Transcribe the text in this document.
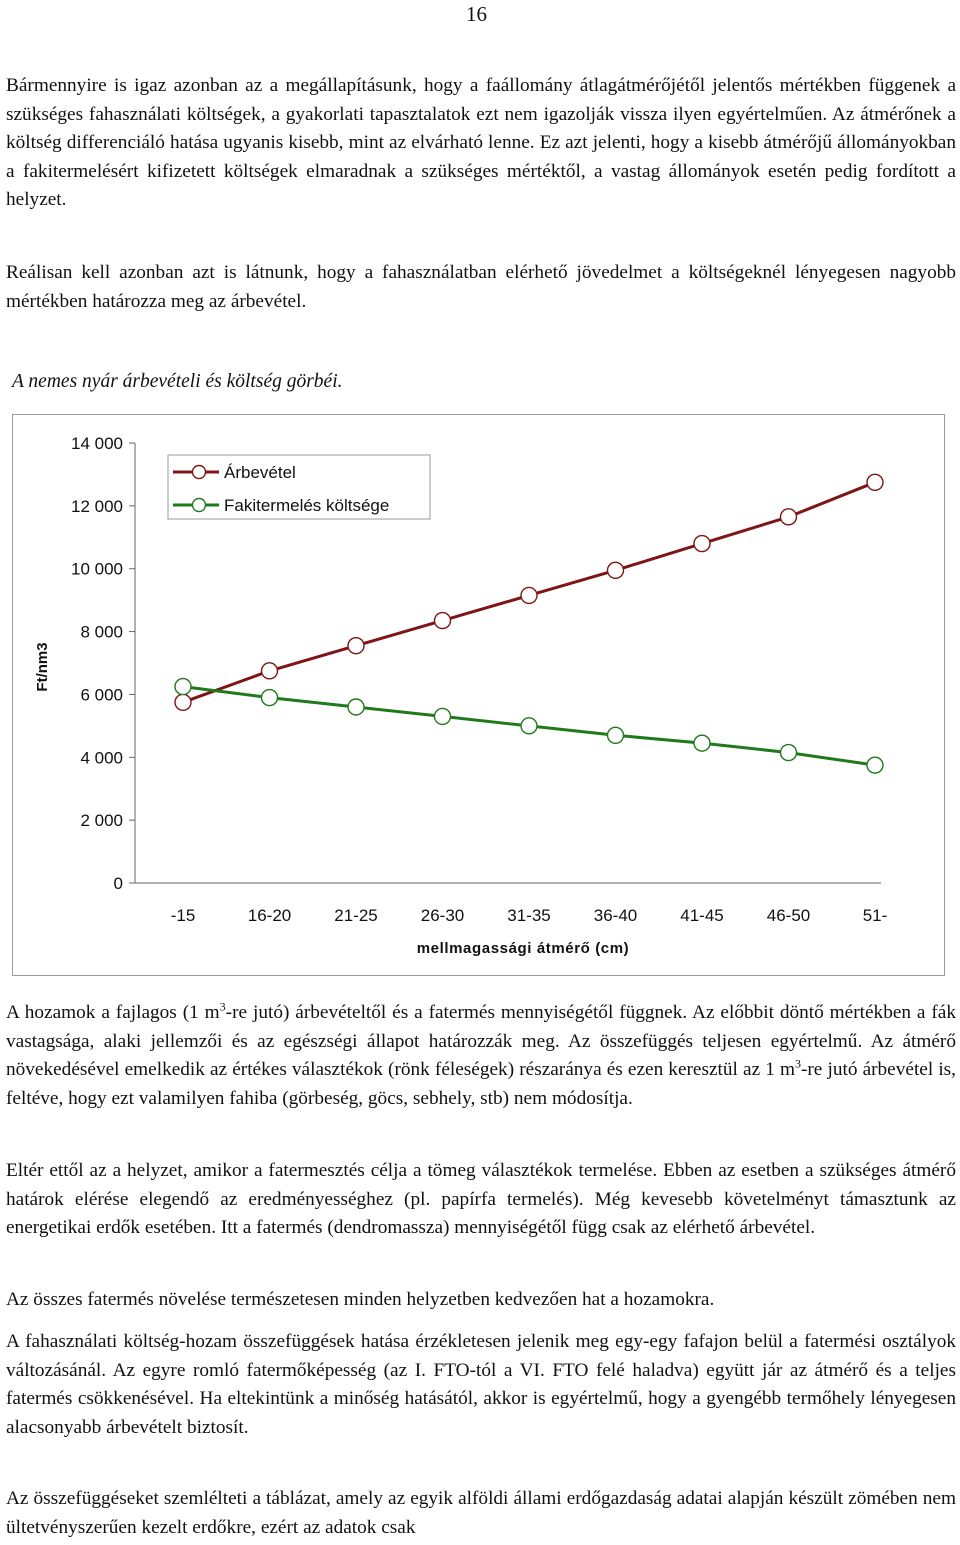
16

Bármennyire is igaz azonban az a megállapításunk, hogy a faállomány átlagátmérőjétől jelentős mértékben függenek a szükséges fahasználati költségek, a gyakorlati tapasztalatok ezt nem igazolják vissza ilyen egyértelműen. Az átmérőnek a költség differenciáló hatása ugyanis kisebb, mint az elvárható lenne. Ez azt jelenti, hogy a kisebb átmérőjű állományokban a fakitermelésért kifizetett költségek elmaradnak a szükséges mértéktől, a vastag állományok esetén pedig fordított a helyzet.

Reálisan kell azonban azt is látnunk, hogy a fahasználatban elérhető jövedelmet a költségeknél lényegesen nagyobb mértékben határozza meg az árbevétel.

A nemes nyár árbevételi és költség görbéi.

0
2 000
4 000
6 000
8 000
10 000
12 000
14 000
-15	16-20	21-25	26-30	31-35	36-40	41-45	46-50	51-
Ft/nm3
mellmagassági átmérő (cm)
Árbevétel
Fakitermelés költsége

A hozamok a fajlagos (1 $m^3-re$ jutó) árbevételtől és a fatermés mennyiségétől függnek. Az előbbit döntő mértékben a fák vastagsága, alaki jellemzői és az egészségi állapot határozzák meg. Az összefüggés teljesen egyértelmű. Az átmérő növekedésével emelkedik az értékes választékok (rönk féleségek) részaránya és ezen keresztül az 1 $m^3-re$ jutó árbevétel is, feltéve, hogy ezt valamilyen fahiba (görbeség, göcs, sebhely, stb) nem módosítja.

Eltér ettől az a helyzet, amikor a fatermesztés célja a tömeg választékok termelése. Ebben az esetben a szükséges átmérő határok elérése elegendő az eredményességhez (pl. papírfa termelés). Még kevesebb követelményt támasztunk az energetikai erdők esetében. Itt a fatermés (dendromassza) mennyiségétől függ csak az elérhető árbevétel.

Az összes fatermés növelése természetesen minden helyzetben kedvezően hat a hozamokra.

A fahasználati költség-hozam összefüggések hatása érzékletesen jelenik meg egy-egy fafajon belül a fatermési osztályok változásánál. Az egyre romló fatermőképesség (az I. FTO-tól a VI. FTO felé haladva) együtt jár az átmérő és a teljes fatermés csökkenésével. Ha eltekintünk a minőség hatásától, akkor is egyértelmű, hogy a gyengébb termőhely lényegesen alacsonyabb árbevételt biztosít.

Az összefüggéseket szemlélteti a táblázat, amely az egyik alföldi állami erdőgazdaság adatai alapján készült zömében nem ültetvényszerűen kezelt erdőkre, ezért az adatok csak
